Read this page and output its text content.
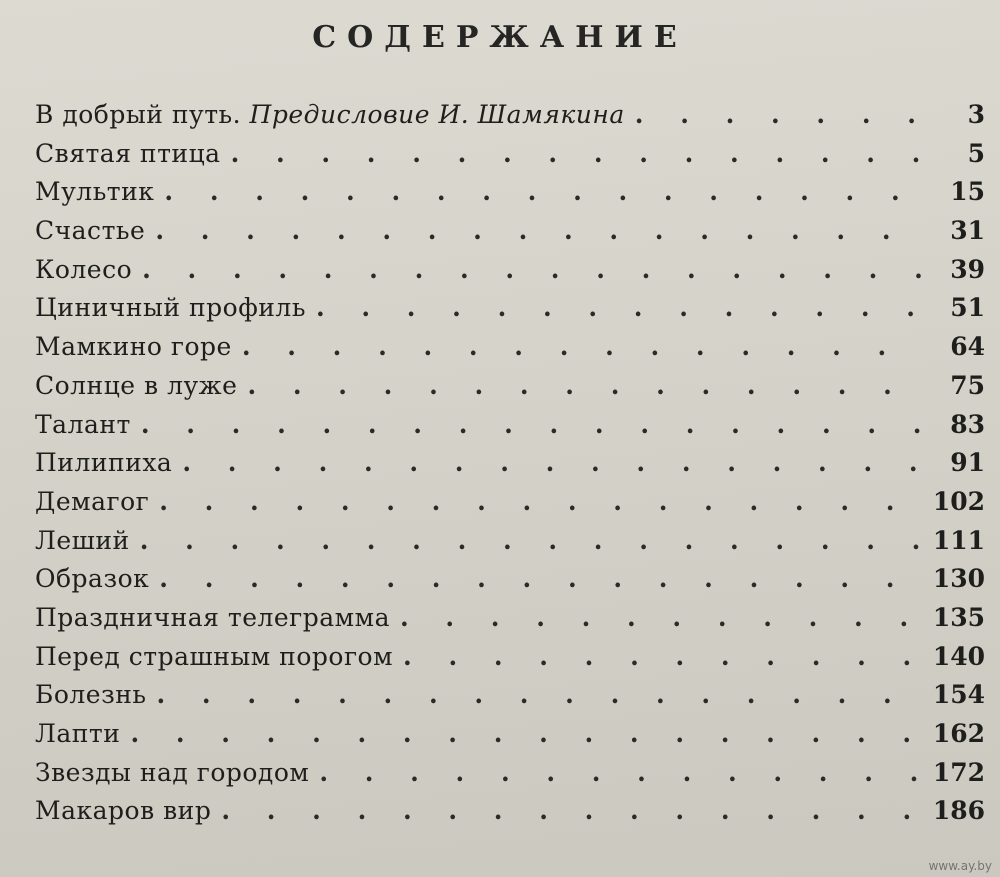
СОДЕРЖАНИЕ
В добрый путь. Предисловие И. Шамякина . . .	3
Святая птица . . .	5
Мультик . . .	15
Счастье . . .	31
Колесо . . .	39
Циничный профиль . . .	51
Мамкино горе . . .	64
Солнце в луже . . .	75
Талант . . .	83
Пилипиха . . .	91
Демагог . . .	102
Леший . . .	111
Образок . . .	130
Праздничная телеграмма . . .	135
Перед страшным порогом . . .	140
Болезнь . . .	154
Лапти . . .	162
Звезды над городом . . .	172
Макаров вир . . .	186
www.ay.by
